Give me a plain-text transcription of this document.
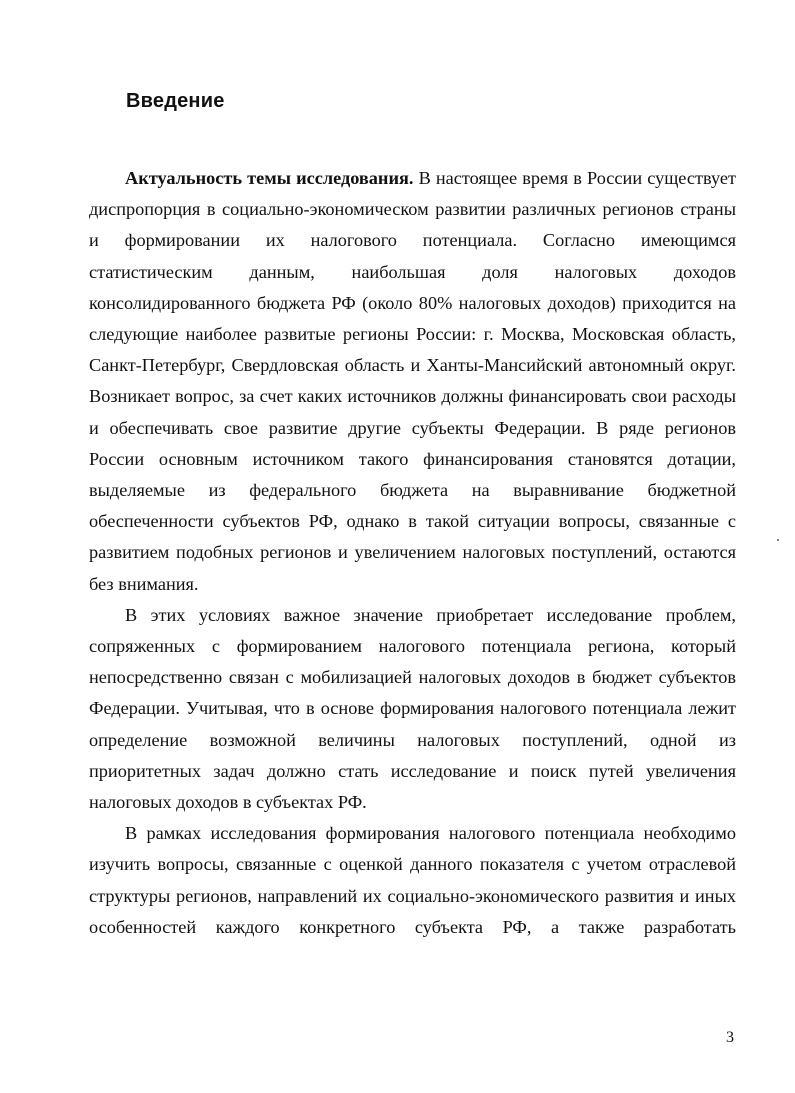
Введение

Актуальность темы исследования. В настоящее время в России существует диспропорция в социально-экономическом развитии различных регионов страны и формировании их налогового потенциала. Согласно имеющимся статистическим данным, наибольшая доля налоговых доходов консолидированного бюджета РФ (около 80% налоговых доходов) приходится на следующие наиболее развитые регионы России: г. Москва, Московская область, Санкт-Петербург, Свердловская область и Ханты-Мансийский автономный округ. Возникает вопрос, за счет каких источников должны финансировать свои расходы и обеспечивать свое развитие другие субъекты Федерации. В ряде регионов России основным источником такого финансирования становятся дотации, выделяемые из федерального бюджета на выравнивание бюджетной обеспеченности субъектов РФ, однако в такой ситуации вопросы, связанные с развитием подобных регионов и увеличением налоговых поступлений, остаются без внимания.

В этих условиях важное значение приобретает исследование проблем, сопряженных с формированием налогового потенциала региона, который непосредственно связан с мобилизацией налоговых доходов в бюджет субъектов Федерации. Учитывая, что в основе формирования налогового потенциала лежит определение возможной величины налоговых поступлений, одной из приоритетных задач должно стать исследование и поиск путей увеличения налоговых доходов в субъектах РФ.

В рамках исследования формирования налогового потенциала необходимо изучить вопросы, связанные с оценкой данного показателя с учетом отраслевой структуры регионов, направлений их социально-экономического развития и иных особенностей каждого конкретного субъекта РФ, а также разработать

3
